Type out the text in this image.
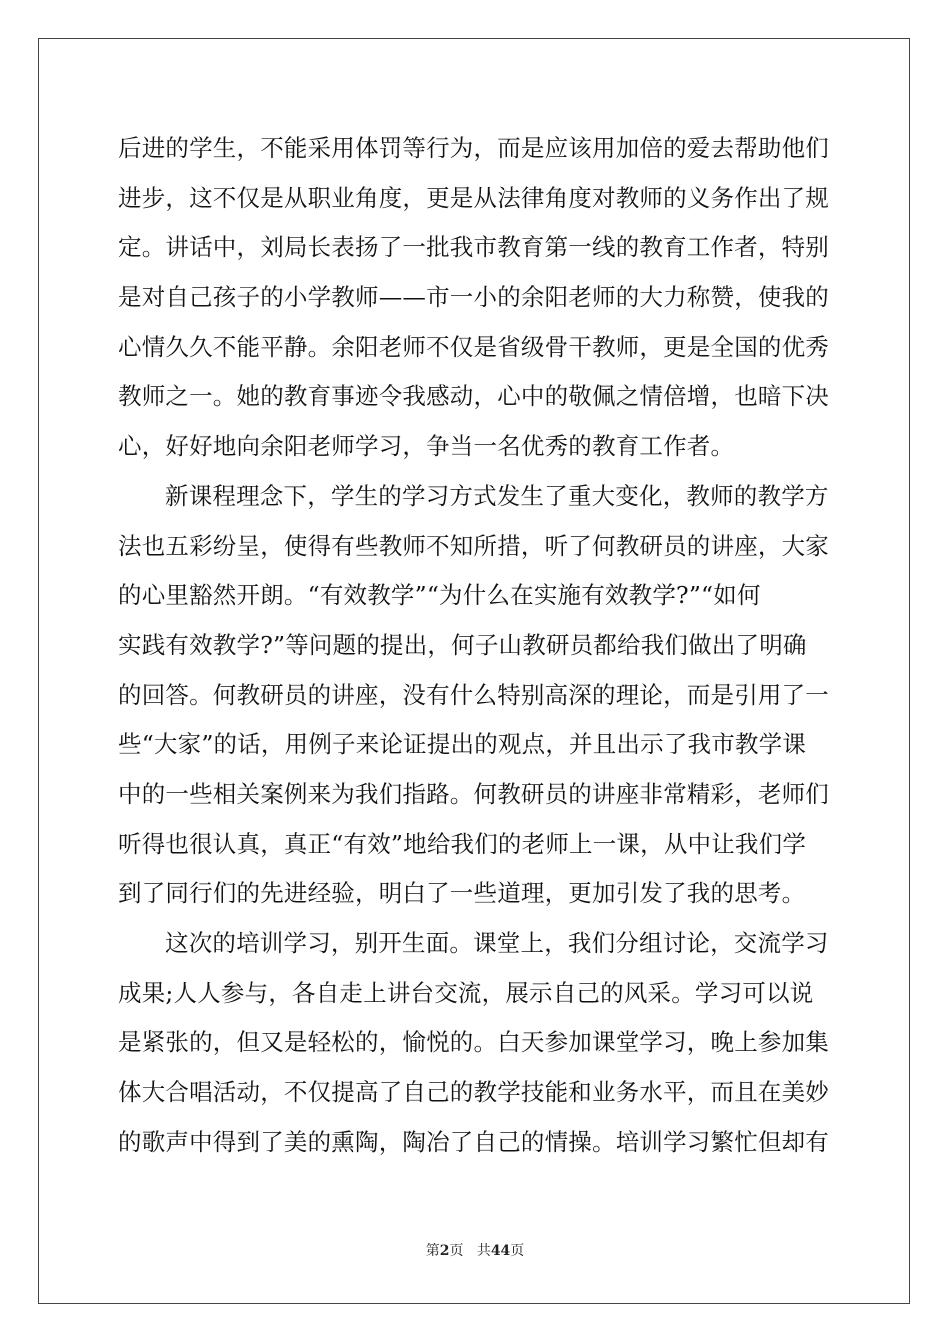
后进的学生，不能采用体罚等行为，而是应该用加倍的爱去帮助他们
进步，这不仅是从职业角度，更是从法律角度对教师的义务作出了规
定。讲话中，刘局长表扬了一批我市教育第一线的教育工作者，特别
是对自己孩子的小学教师——市一小的余阳老师的大力称赞，使我的
心情久久不能平静。余阳老师不仅是省级骨干教师，更是全国的优秀
教师之一。她的教育事迹令我感动，心中的敬佩之情倍增，也暗下决
心，好好地向余阳老师学习，争当一名优秀的教育工作者。
新课程理念下，学生的学习方式发生了重大变化，教师的教学方
法也五彩纷呈，使得有些教师不知所措，听了何教研员的讲座，大家
的心里豁然开朗。“有效教学”“为什么在实施有效教学?”“如何
实践有效教学?”等问题的提出，何子山教研员都给我们做出了明确
的回答。何教研员的讲座，没有什么特别高深的理论，而是引用了一
些“大家”的话，用例子来论证提出的观点，并且出示了我市教学课
中的一些相关案例来为我们指路。何教研员的讲座非常精彩，老师们
听得也很认真，真正“有效”地给我们的老师上一课，从中让我们学
到了同行们的先进经验，明白了一些道理，更加引发了我的思考。
这次的培训学习，别开生面。课堂上，我们分组讨论，交流学习
成果;人人参与，各自走上讲台交流，展示自己的风采。学习可以说
是紧张的，但又是轻松的，愉悦的。白天参加课堂学习，晚上参加集
体大合唱活动，不仅提高了自己的教学技能和业务水平，而且在美妙
的歌声中得到了美的熏陶，陶冶了自己的情操。培训学习繁忙但却有
第2页 共44页
